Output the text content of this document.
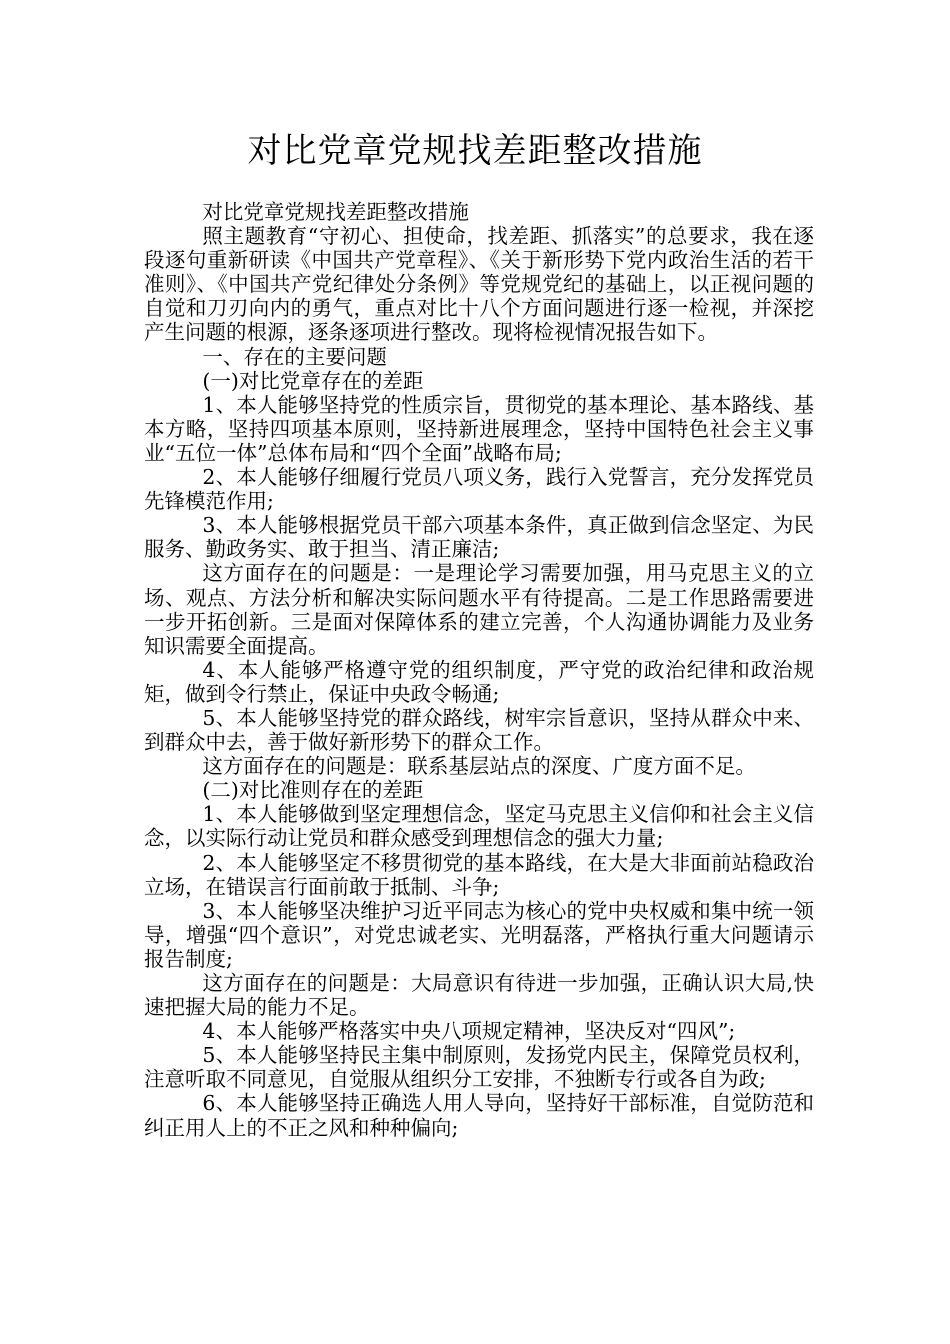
对比党章党规找差距整改措施

对比党章党规找差距整改措施

照主题教育“守初心、担使命，找差距、抓落实”的总要求，我在逐段逐句重新研读《中国共产党章程》、《关于新形势下党内政治生活的若干准则》、《中国共产党纪律处分条例》等党规党纪的基础上，以正视问题的自觉和刀刃向内的勇气，重点对比十八个方面问题进行逐一检视，并深挖产生问题的根源，逐条逐项进行整改。现将检视情况报告如下。

一、存在的主要问题

(一)对比党章存在的差距

1、本人能够坚持党的性质宗旨，贯彻党的基本理论、基本路线、基本方略，坚持四项基本原则，坚持新进展理念，坚持中国特色社会主义事业“五位一体”总体布局和“四个全面”战略布局;

2、本人能够仔细履行党员八项义务，践行入党誓言，充分发挥党员先锋模范作用;

3、本人能够根据党员干部六项基本条件，真正做到信念坚定、为民服务、勤政务实、敢于担当、清正廉洁;

这方面存在的问题是：一是理论学习需要加强，用马克思主义的立场、观点、方法分析和解决实际问题水平有待提高。二是工作思路需要进一步开拓创新。三是面对保障体系的建立完善，个人沟通协调能力及业务知识需要全面提高。

4、本人能够严格遵守党的组织制度，严守党的政治纪律和政治规矩，做到令行禁止，保证中央政令畅通;

5、本人能够坚持党的群众路线，树牢宗旨意识，坚持从群众中来、到群众中去，善于做好新形势下的群众工作。

这方面存在的问题是：联系基层站点的深度、广度方面不足。

(二)对比准则存在的差距

1、本人能够做到坚定理想信念，坚定马克思主义信仰和社会主义信念，以实际行动让党员和群众感受到理想信念的强大力量;

2、本人能够坚定不移贯彻党的基本路线，在大是大非面前站稳政治立场，在错误言行面前敢于抵制、斗争;

3、本人能够坚决维护习近平同志为核心的党中央权威和集中统一领导，增强“四个意识”，对党忠诚老实、光明磊落，严格执行重大问题请示报告制度;

这方面存在的问题是：大局意识有待进一步加强，正确认识大局,快速把握大局的能力不足。

4、本人能够严格落实中央八项规定精神，坚决反对“四风”;

5、本人能够坚持民主集中制原则，发扬党内民主，保障党员权利，注意听取不同意见，自觉服从组织分工安排，不独断专行或各自为政;

6、本人能够坚持正确选人用人导向，坚持好干部标准，自觉防范和纠正用人上的不正之风和种种偏向;
